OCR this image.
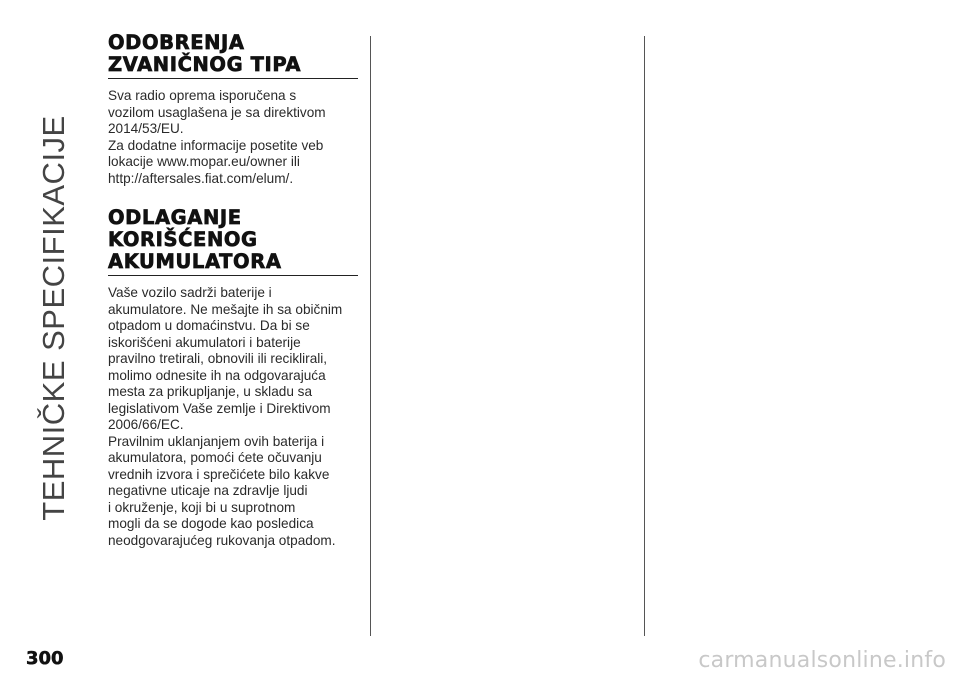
TEHNIČKE SPECIFIKACIJE
ODOBRENJA
ZVANIČNOG TIPA

Sva radio oprema isporučena s
vozilom usaglašena je sa direktivom
2014/53/EU.
Za dodatne informacije posetite veb
lokacije www.mopar.eu/owner ili
http://aftersales.fiat.com/elum/.

ODLAGANJE
KORIŠĆENOG
AKUMULATORA

Vaše vozilo sadrži baterije i
akumulatore. Ne mešajte ih sa običnim
otpadom u domaćinstvu. Da bi se
iskorišćeni akumulatori i baterije
pravilno tretirali, obnovili ili reciklirali,
molimo odnesite ih na odgovarajuća
mesta za prikupljanje, u skladu sa
legislativom Vaše zemlje i Direktivom
2006/66/EC.
Pravilnim uklanjanjem ovih baterija i
akumulatora, pomoći ćete očuvanju
vrednih izvora i sprečićete bilo kakve
negativne uticaje na zdravlje ljudi
i okruženje, koji bi u suprotnom
mogli da se dogode kao posledica
neodgovarajućeg rukovanja otpadom.

300	carmanualsonline.info
